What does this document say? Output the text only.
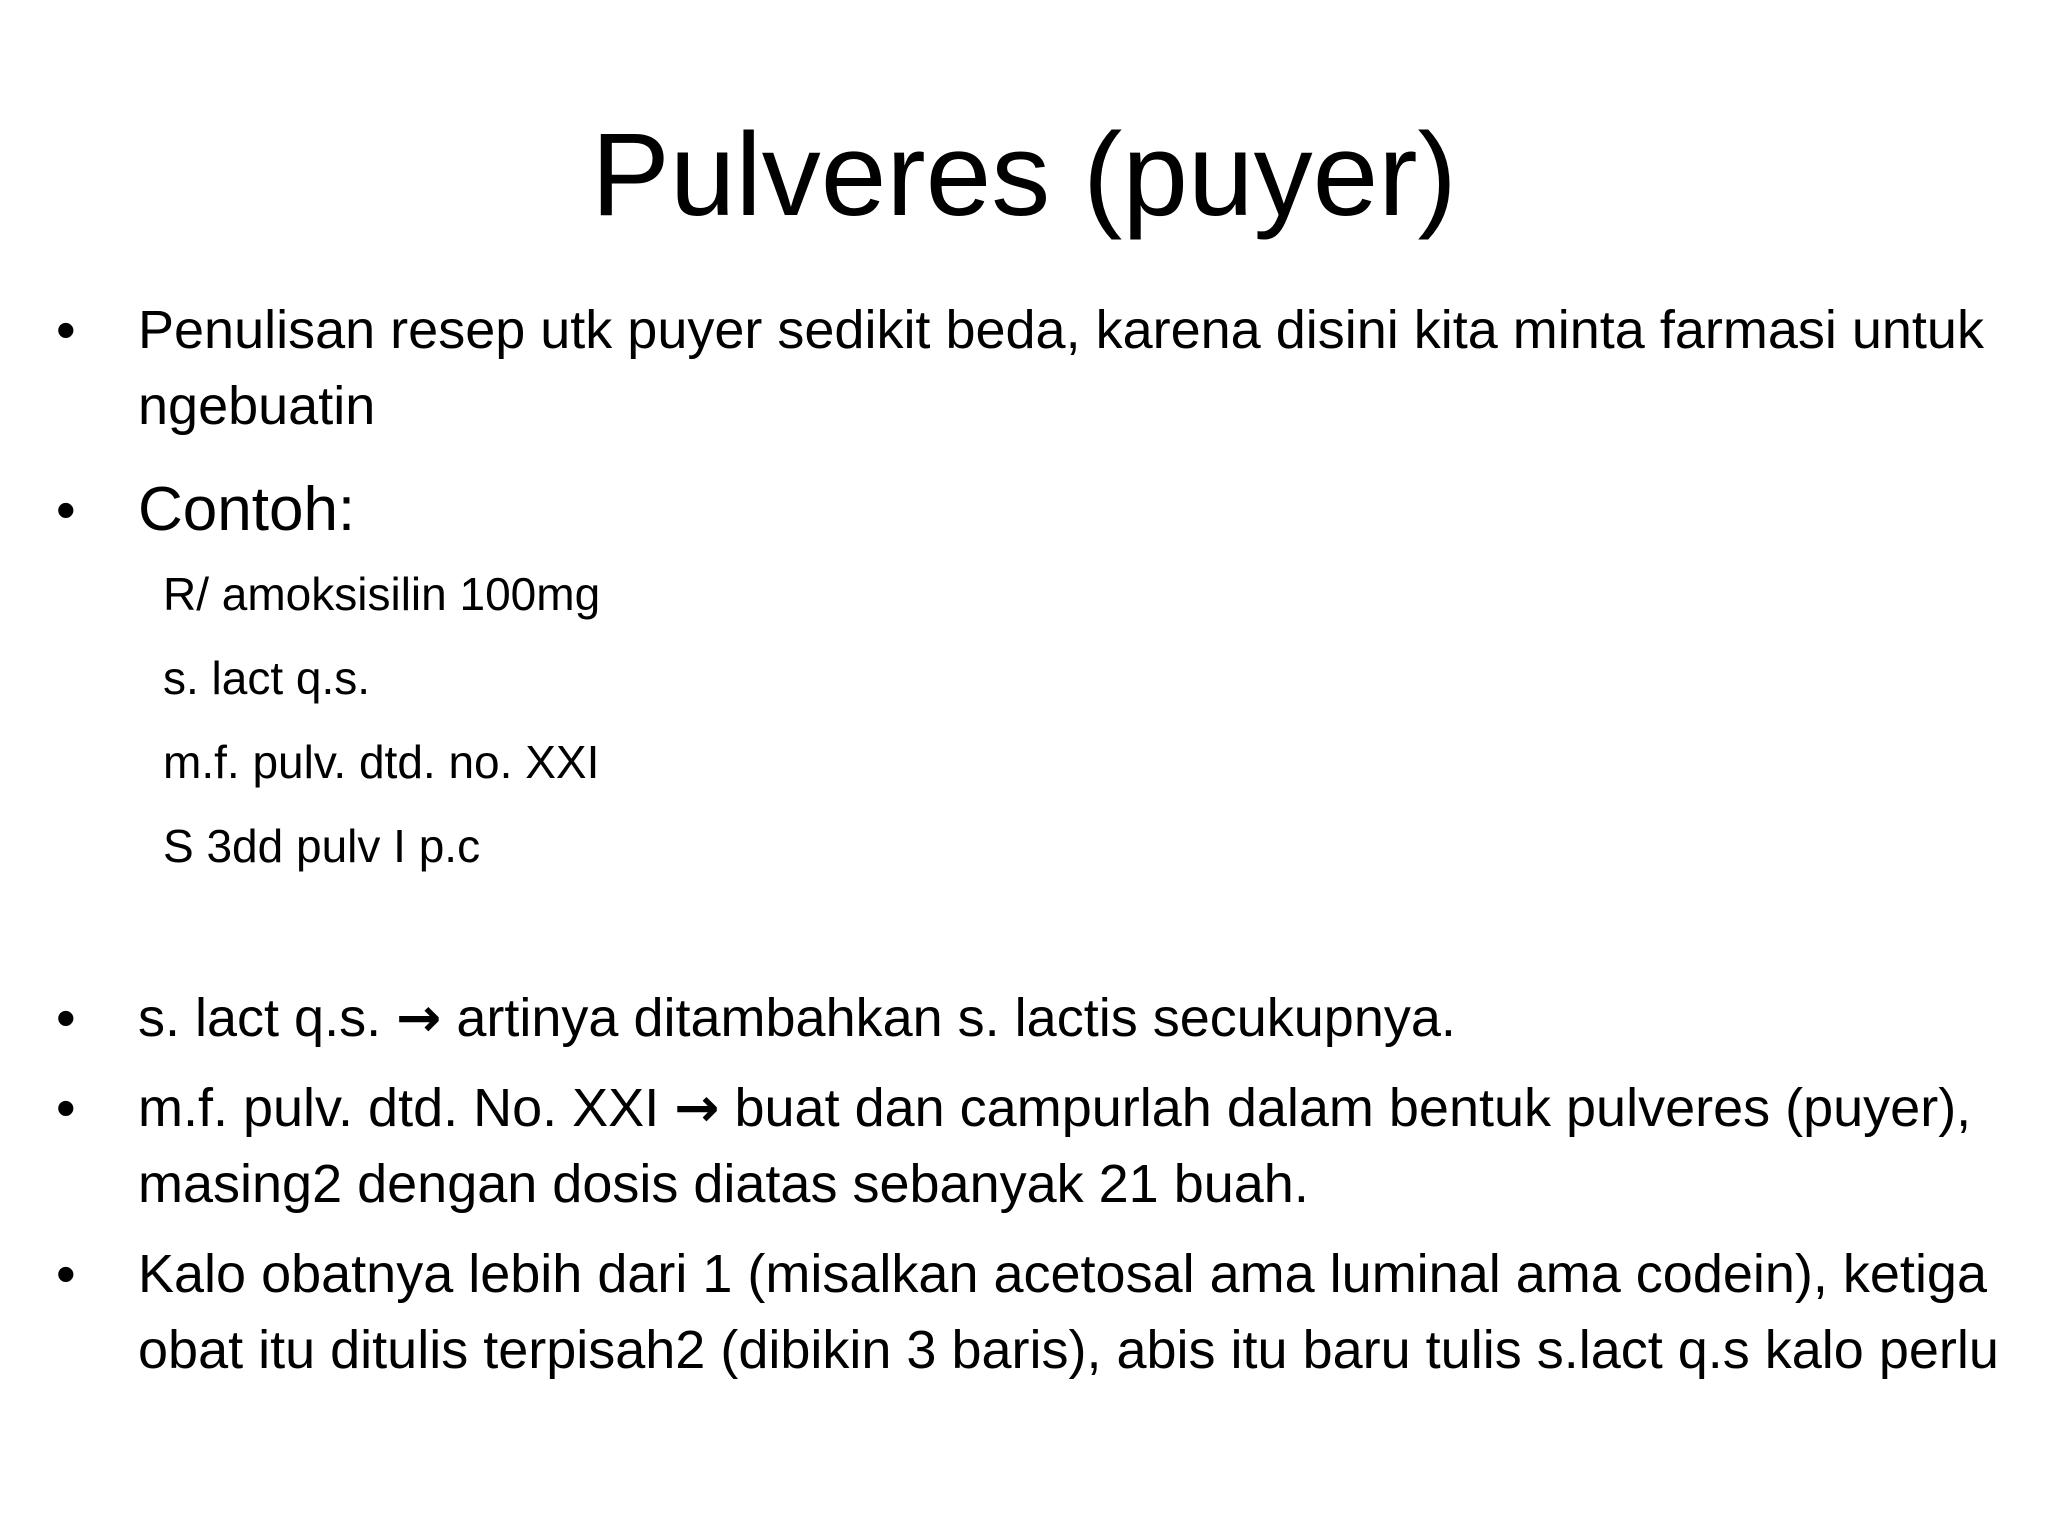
Pulveres (puyer)
• Penulisan resep utk puyer sedikit beda, karena disini kita minta farmasi untuk ngebuatin
• Contoh:
R/ amoksisilin 100mg
s. lact q.s.
m.f. pulv. dtd. no. XXI
S 3dd pulv I p.c
• s. lact q.s. → artinya ditambahkan s. lactis secukupnya.
• m.f. pulv. dtd. No. XXI → buat dan campurlah dalam bentuk pulveres (puyer), masing2 dengan dosis diatas sebanyak 21 buah.
• Kalo obatnya lebih dari 1 (misalkan acetosal ama luminal ama codein), ketiga obat itu ditulis terpisah2 (dibikin 3 baris), abis itu baru tulis s.lact q.s kalo perlu
